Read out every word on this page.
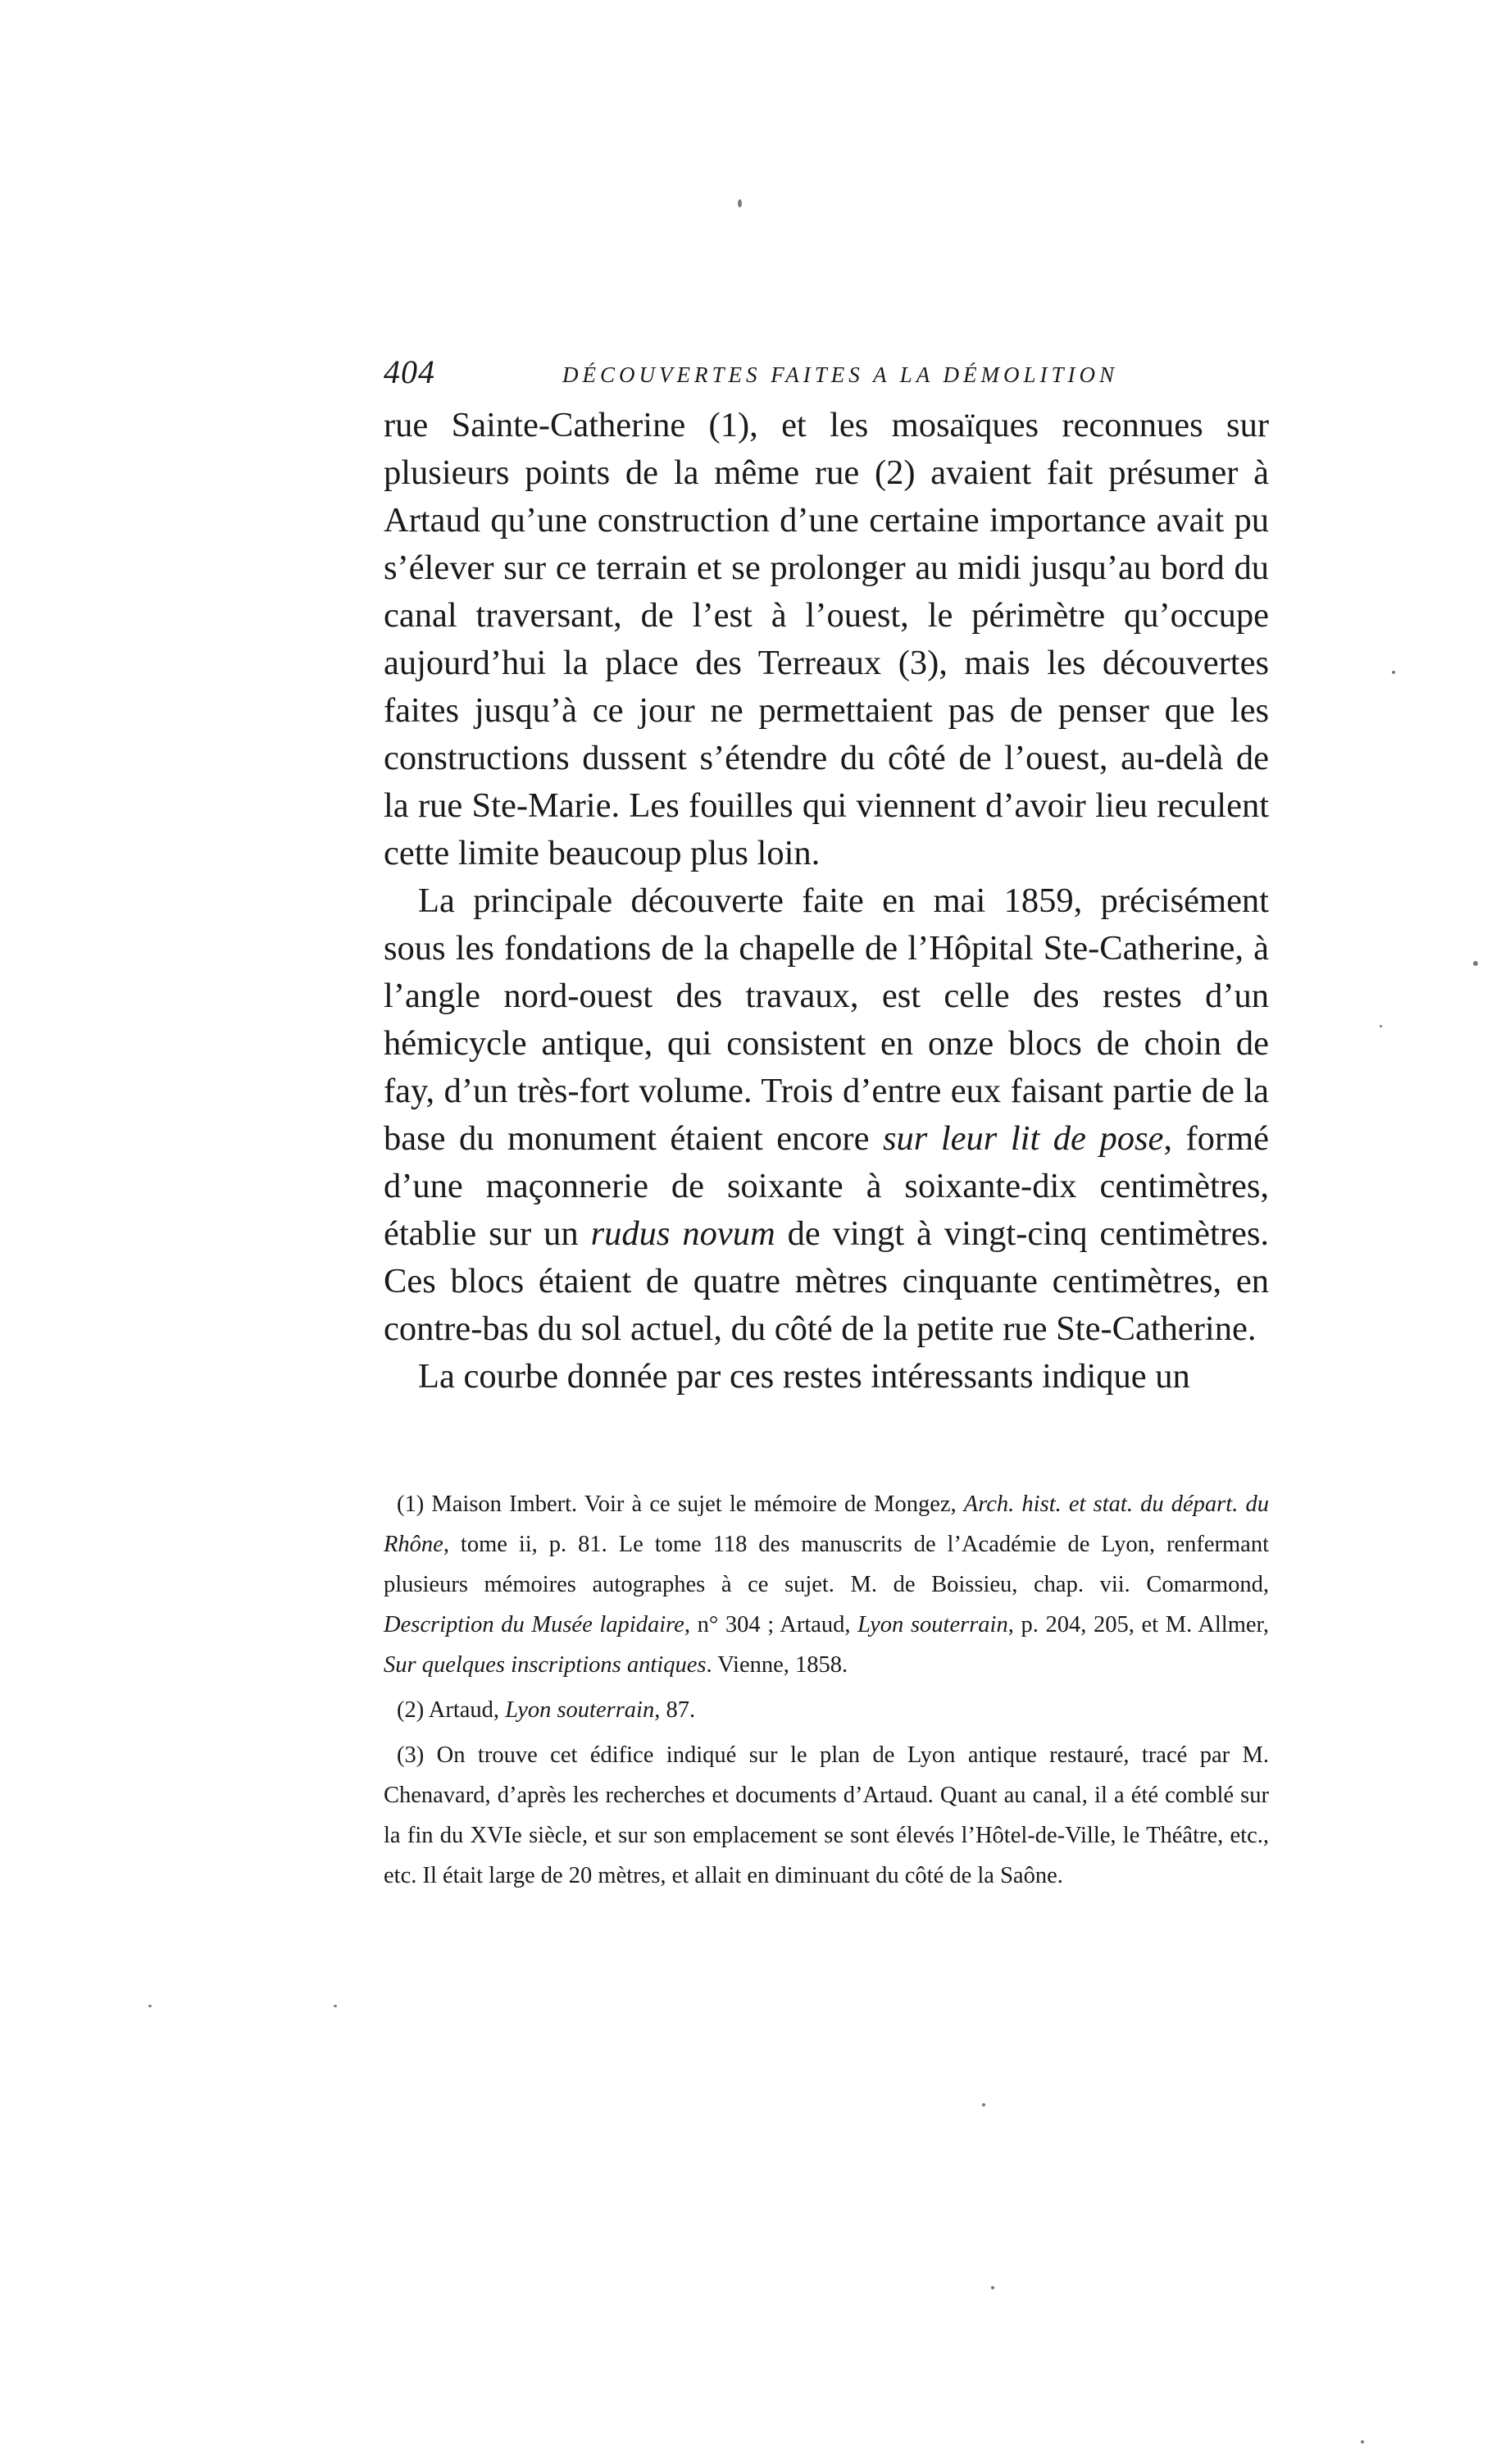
404	DÉCOUVERTES FAITES A LA DÉMOLITION

rue Sainte-Catherine (1), et les mosaïques reconnues sur plusieurs points de la même rue (2) avaient fait présumer à Artaud qu’une construction d’une certaine importance avait pu s’élever sur ce terrain et se prolonger au midi jusqu’au bord du canal traversant, de l’est à l’ouest, le périmètre qu’occupe aujourd’hui la place des Terreaux (3), mais les découvertes faites jusqu’à ce jour ne permettaient pas de penser que les constructions dussent s’étendre du côté de l’ouest, au-delà de la rue Ste-Marie. Les fouilles qui viennent d’avoir lieu reculent cette limite beaucoup plus loin.

La principale découverte faite en mai 1859, précisément sous les fondations de la chapelle de l’Hôpital Ste-Catherine, à l’angle nord-ouest des travaux, est celle des restes d’un hémicycle antique, qui consistent en onze blocs de choin de fay, d’un très-fort volume. Trois d’entre eux faisant partie de la base du monument étaient encore sur leur lit de pose, formé d’une maçonnerie de soixante à soixante-dix centimètres, établie sur un rudus novum de vingt à vingt-cinq centimètres. Ces blocs étaient de quatre mètres cinquante centimètres, en contre-bas du sol actuel, du côté de la petite rue Ste-Catherine.

La courbe donnée par ces restes intéressants indique un

(1) Maison Imbert. Voir à ce sujet le mémoire de Mongez, Arch. hist. et stat. du départ. du Rhône, tome ii, p. 81. Le tome 118 des manuscrits de l’Académie de Lyon, renfermant plusieurs mémoires autographes à ce sujet. M. de Boissieu, chap. vii. Comarmond, Description du Musée lapidaire, n° 304 ; Artaud, Lyon souterrain, p. 204, 205, et M. Allmer, Sur quelques inscriptions antiques. Vienne, 1858.

(2) Artaud, Lyon souterrain, 87.

(3) On trouve cet édifice indiqué sur le plan de Lyon antique restauré, tracé par M. Chenavard, d’après les recherches et documents d’Artaud. Quant au canal, il a été comblé sur la fin du XVIe siècle, et sur son emplacement se sont élevés l’Hôtel-de-Ville, le Théâtre, etc., etc. Il était large de 20 mètres, et allait en diminuant du côté de la Saône.
